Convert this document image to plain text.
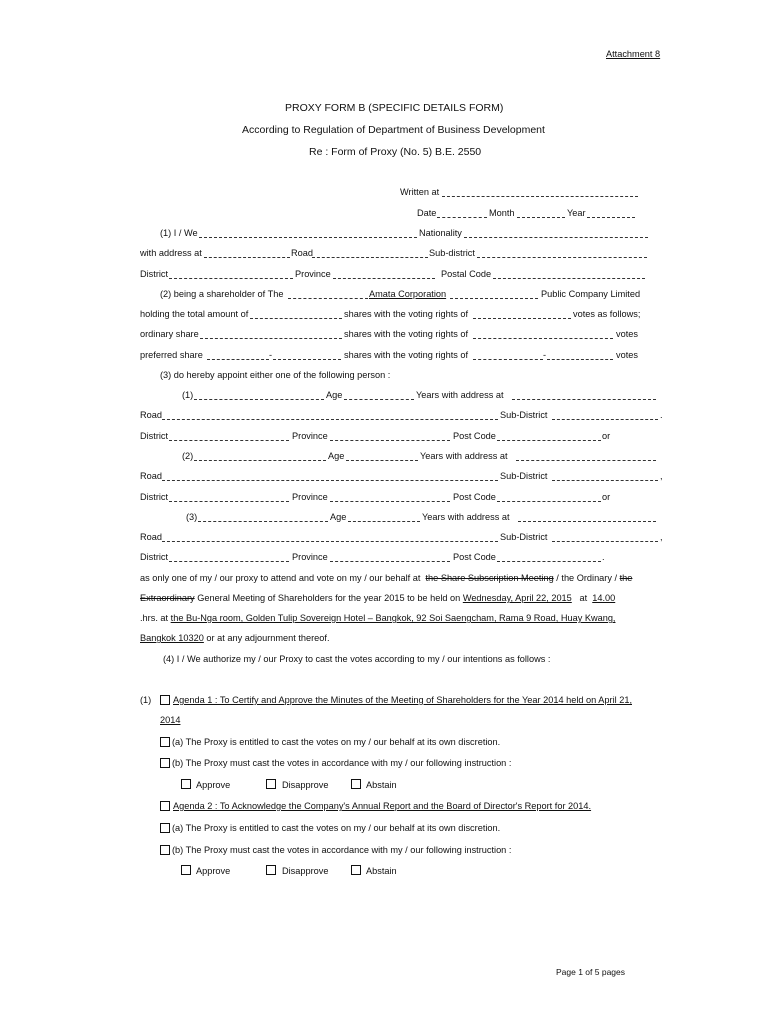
Attachment 8
PROXY FORM B (SPECIFIC DETAILS FORM)
According to Regulation of Department of Business Development
Re : Form of Proxy (No. 5) B.E. 2550
Written at
Date	Month	Year
(1) I / We	Nationality
with address at	Road	Sub-district
District	Province	Postal Code
(2) being a shareholder of The	Amata Corporation	Public Company Limited
holding the total amount of	shares with the voting rights of	votes as follows;
ordinary share	shares with the voting rights of	votes
preferred share	-	shares with the voting rights of	-	votes
(3) do hereby appoint either one of the following person :
(1)	Age	Years with address at
Road	Sub-District	.
District	Province	Post Code	or
(2)	Age	Years with address at
Road	Sub-District	,
District	Province	Post Code	or
(3)	Age	Years with address at
Road	Sub-District	,
District	Province	Post Code	.
as only one of my / our proxy to attend and vote on my / our behalf at the Share Subscription Meeting / the Ordinary / the
Extraordinary General Meeting of Shareholders for the year 2015 to be held on Wednesday, April 22, 2015 at 14.00
.hrs. at the Bu-Nga room, Golden Tulip Sovereign Hotel – Bangkok, 92 Soi Saengcham, Rama 9 Road, Huay Kwang,
Bangkok 10320 or at any adjournment thereof.
(4) I / We authorize my / our Proxy to cast the votes according to my / our intentions as follows :
(1) Agenda 1 : To Certify and Approve the Minutes of the Meeting of Shareholders for the Year 2014 held on April 21,
2014
(a) The Proxy is entitled to cast the votes on my / our behalf at its own discretion.
(b) The Proxy must cast the votes in accordance with my / our following instruction :
Approve	Disapprove	Abstain
Agenda 2 : To Acknowledge the Company's Annual Report and the Board of Director's Report for 2014.
(a) The Proxy is entitled to cast the votes on my / our behalf at its own discretion.
(b) The Proxy must cast the votes in accordance with my / our following instruction :
Approve	Disapprove	Abstain
Page 1 of 5 pages
